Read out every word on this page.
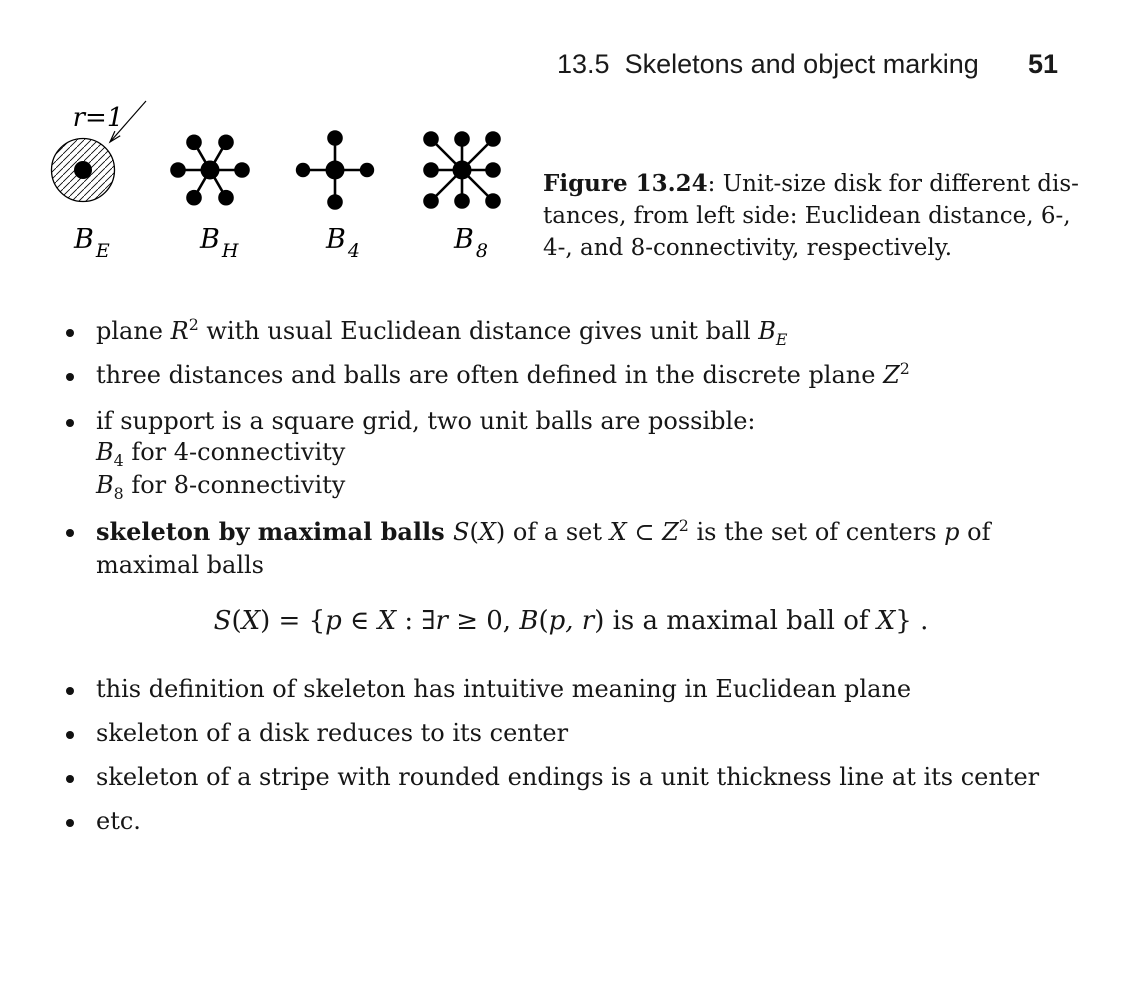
13.5 Skeletons and object marking 51
r=1
B $_E$	B $_H$	B $_4$	B $_8$
Figure 13.24: Unit-size disk for different dis-
tances, from left side: Euclidean distance, 6-,
4-, and 8-connectivity, respectively.
plane $R^2$ with usual Euclidean distance gives unit ball $B_E$
three distances and balls are often defined in the discrete plane $Z^2$
if support is a square grid, two unit balls are possible:
$B_4$ for 4-connectivity
$B_8$ for 8-connectivity
skeleton by maximal balls S(X) of a set X ⊂ $Z^2$ is the set of centers p of
maximal balls
S(X) = {p ∈ X : ∃r ≥ 0, B(p, r) is a maximal ball of X} .
this definition of skeleton has intuitive meaning in Euclidean plane
skeleton of a disk reduces to its center
skeleton of a stripe with rounded endings is a unit thickness line at its center
etc.
